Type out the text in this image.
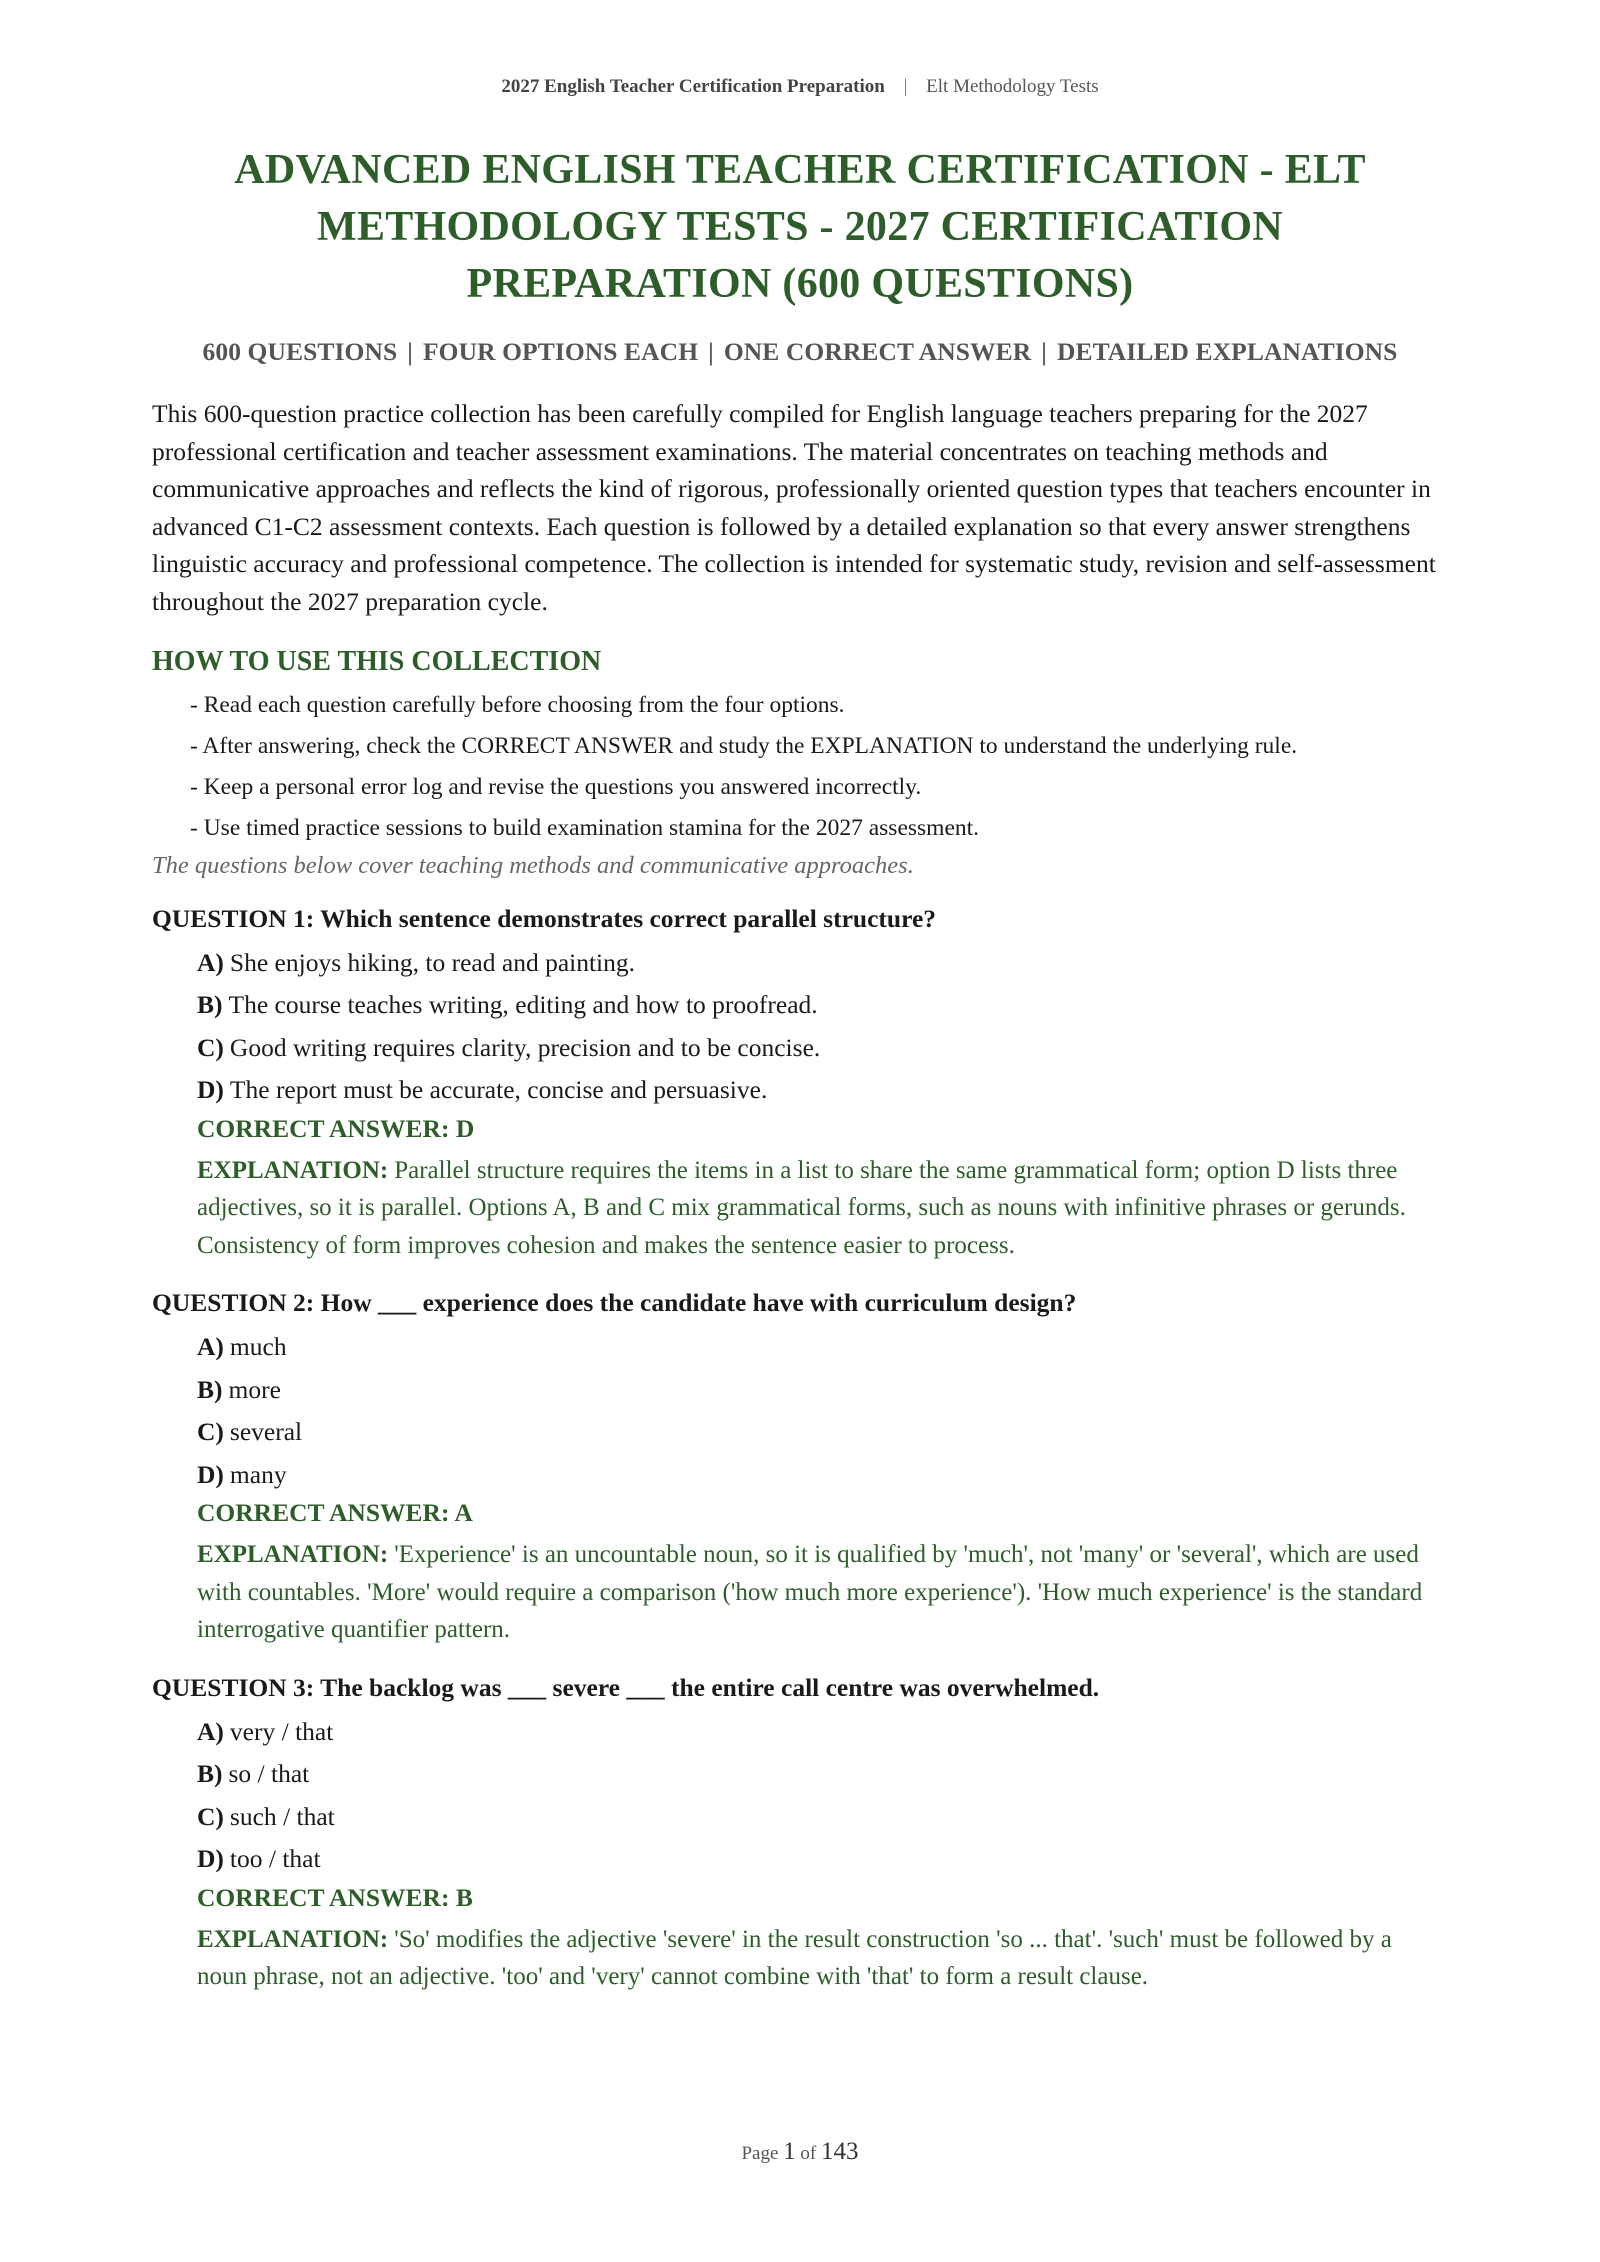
2027 English Teacher Certification Preparation | Elt Methodology Tests
ADVANCED ENGLISH TEACHER CERTIFICATION - ELT
METHODOLOGY TESTS - 2027 CERTIFICATION
PREPARATION (600 QUESTIONS)
600 QUESTIONS | FOUR OPTIONS EACH | ONE CORRECT ANSWER | DETAILED EXPLANATIONS

This 600-question practice collection has been carefully compiled for English language teachers preparing for the 2027 professional certification and teacher assessment examinations. The material concentrates on teaching methods and communicative approaches and reflects the kind of rigorous, professionally oriented question types that teachers encounter in advanced C1-C2 assessment contexts. Each question is followed by a detailed explanation so that every answer strengthens linguistic accuracy and professional competence. The collection is intended for systematic study, revision and self-assessment throughout the 2027 preparation cycle.

HOW TO USE THIS COLLECTION
- Read each question carefully before choosing from the four options.
- After answering, check the CORRECT ANSWER and study the EXPLANATION to understand the underlying rule.
- Keep a personal error log and revise the questions you answered incorrectly.
- Use timed practice sessions to build examination stamina for the 2027 assessment.
The questions below cover teaching methods and communicative approaches.
QUESTION 1: Which sentence demonstrates correct parallel structure?
A) She enjoys hiking, to read and painting.
B) The course teaches writing, editing and how to proofread.
C) Good writing requires clarity, precision and to be concise.
D) The report must be accurate, concise and persuasive.
CORRECT ANSWER: D
EXPLANATION: Parallel structure requires the items in a list to share the same grammatical form; option D lists three adjectives, so it is parallel. Options A, B and C mix grammatical forms, such as nouns with infinitive phrases or gerunds. Consistency of form improves cohesion and makes the sentence easier to process.
QUESTION 2: How ___ experience does the candidate have with curriculum design?
A) much
B) more
C) several
D) many
CORRECT ANSWER: A
EXPLANATION: 'Experience' is an uncountable noun, so it is qualified by 'much', not 'many' or 'several', which are used with countables. 'More' would require a comparison ('how much more experience'). 'How much experience' is the standard interrogative quantifier pattern.
QUESTION 3: The backlog was ___ severe ___ the entire call centre was overwhelmed.
A) very / that
B) so / that
C) such / that
D) too / that
CORRECT ANSWER: B
EXPLANATION: 'So' modifies the adjective 'severe' in the result construction 'so ... that'. 'such' must be followed by a noun phrase, not an adjective. 'too' and 'very' cannot combine with 'that' to form a result clause.
Page 1 of 143
